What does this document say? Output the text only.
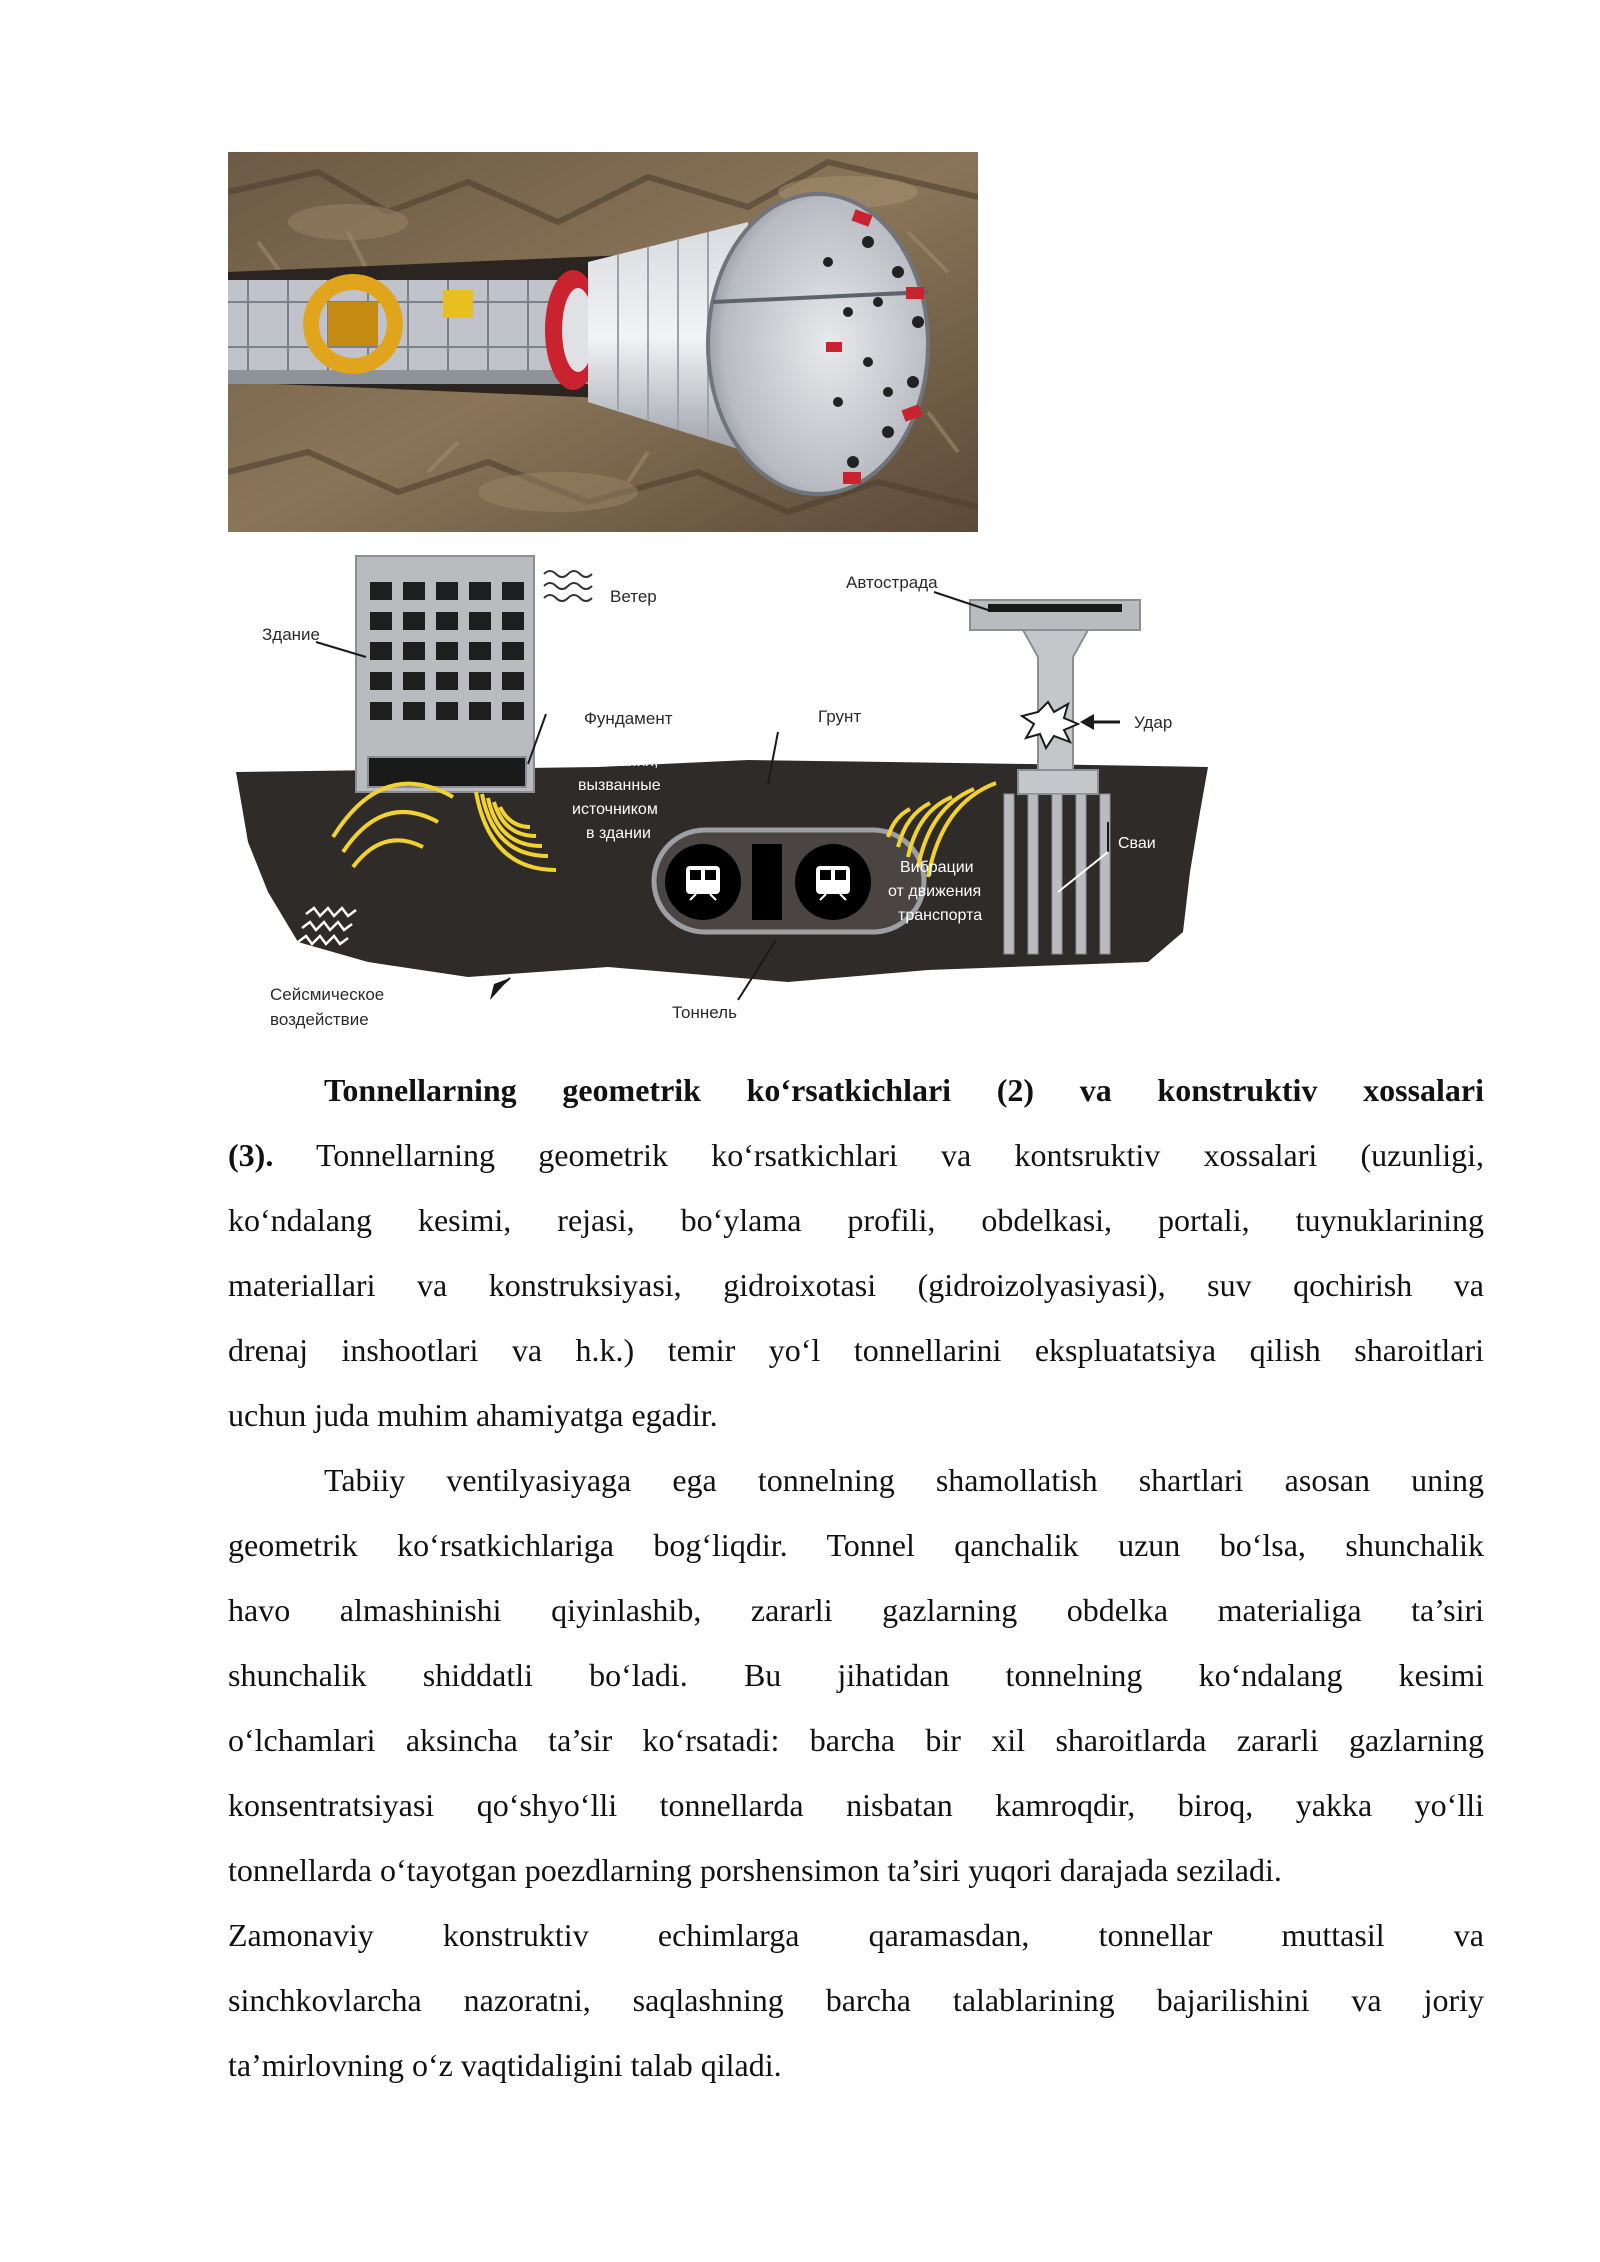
Здание
Ветер
Автострада
Фундамент	Грунт	Удар
Колебания,
вызванные
источником
в здании
Вибрации
от движения
транспорта
Сваи
Сейсмическое
воздействие	Тоннель

Tonnellarning geometrik ko‘rsatkichlari (2) va konstruktiv xossalari
(3). Tonnellarning geometrik ko‘rsatkichlari va kontsruktiv xossalari (uzunligi,
ko‘ndalang kesimi, rejasi, bo‘ylama profili, obdelkasi, portali, tuynuklarining
materiallari va konstruksiyasi, gidroixotasi (gidroizolyasiyasi), suv qochirish va
drenaj inshootlari va h.k.) temir yo‘l tonnellarini ekspluatatsiya qilish sharoitlari
uchun juda muhim ahamiyatga egadir.

Tabiiy ventilyasiyaga ega tonnelning shamollatish shartlari asosan uning
geometrik ko‘rsatkichlariga bog‘liqdir. Tonnel qanchalik uzun bo‘lsa, shunchalik
havo almashinishi qiyinlashib, zararli gazlarning obdelka materialiga ta’siri
shunchalik shiddatli bo‘ladi. Bu jihatidan tonnelning ko‘ndalang kesimi
o‘lchamlari aksincha ta’sir ko‘rsatadi: barcha bir xil sharoitlarda zararli gazlarning
konsentratsiyasi qo‘shyo‘lli tonnellarda nisbatan kamroqdir, biroq, yakka yo‘lli
tonnellarda o‘tayotgan poezdlarning porshensimon ta’siri yuqori darajada seziladi.
Zamonaviy konstruktiv echimlarga qaramasdan, tonnellar muttasil va
sinchkovlarcha nazoratni, saqlashning barcha talablarining bajarilishini va joriy
ta’mirlovning o‘z vaqtidaligini talab qiladi.
